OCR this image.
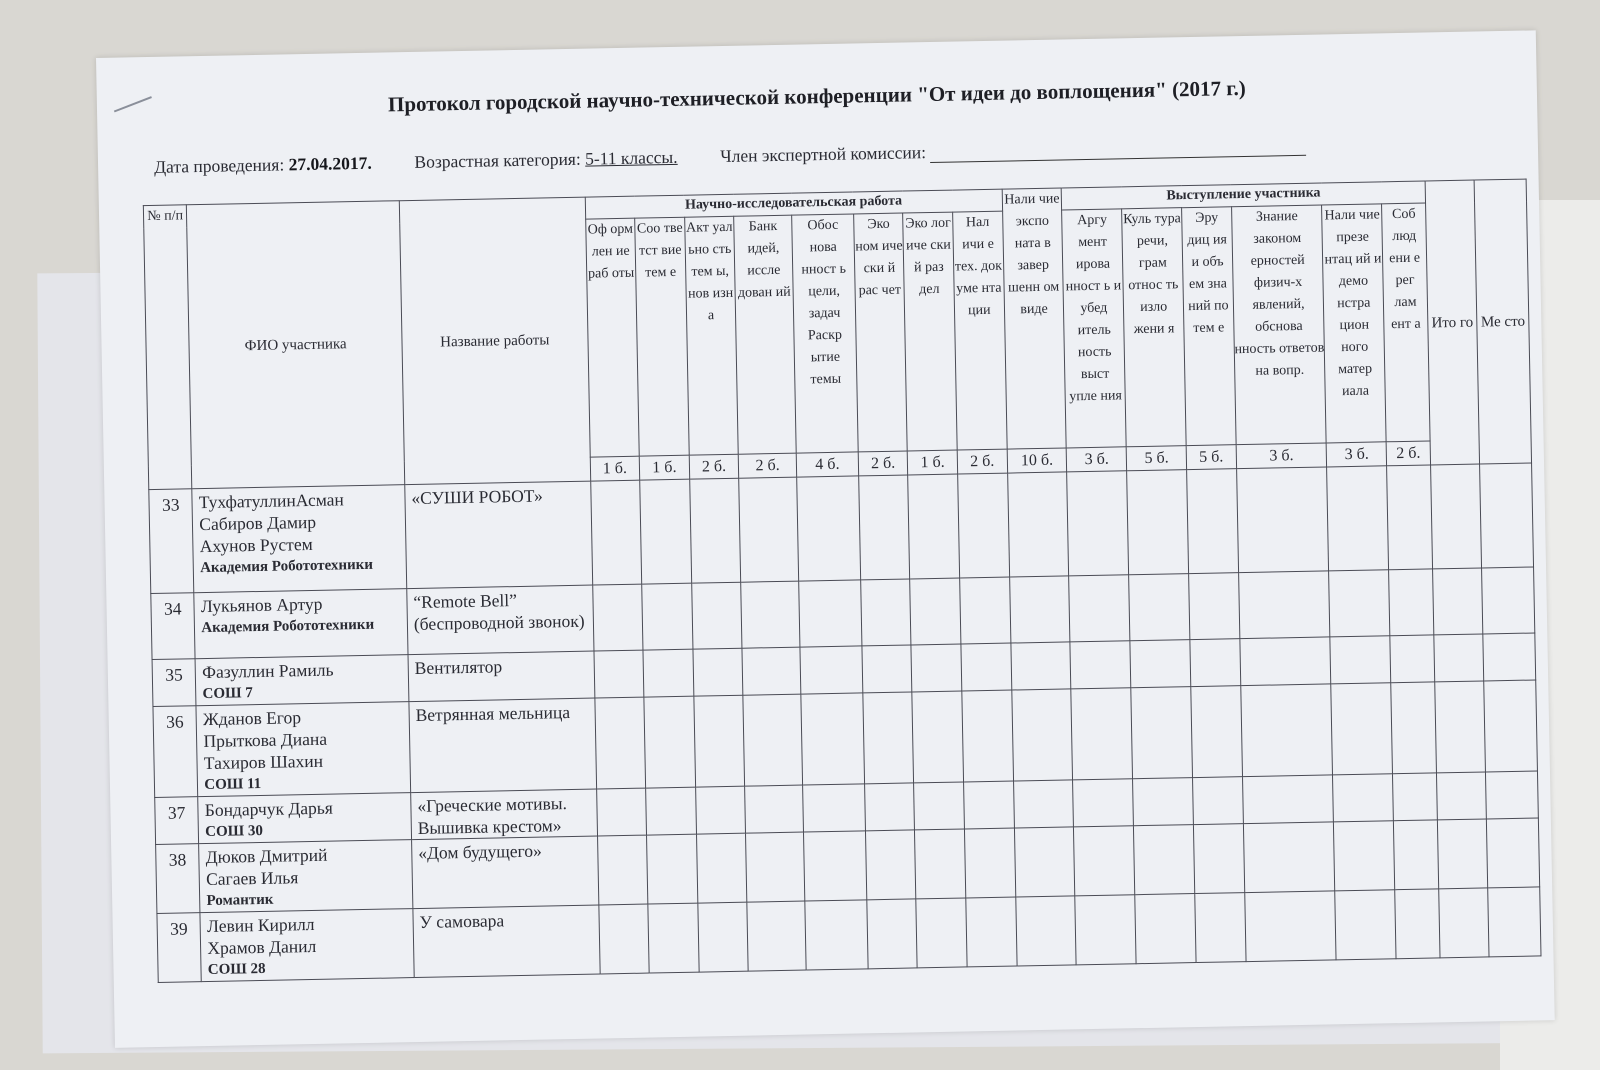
Протокол городской научно-технической конференции "От идеи до воплощения" (2017 г.)
Дата проведения: 27.04.2017. Возрастная категория: 5-11 классы. Член экспертной комиссии:
№ п/п	ФИО участника	Название работы	Научно-исследовательская работа								Нали чие экспо ната в завер шенн ом виде	Выступление участника						Ито го	Ме сто
			Оф орм лен ие раб оты	Соо тве тст вие тем е	Акт уал ьно сть тем ы, нов изн а	Банк идей, иссле дован ий	Обос нова нност ь цели, задач Раскр ытие темы	Эко ном иче ски й рас чет	Эко лог иче ски й раз дел	Нал ичи е тех. док уме нта ции		Аргу мент ирова нност ь и убед итель ность выст упле ния	Куль тура речи, грам относ ть изло жени я	Эру диц ия и объ ем зна ний по тем е	Знание законом ерностей физич-х явлений, обснова нность ответов на вопр.	Нали чие презе нтац ий и демо нстра цион ного матер иала	Соб люд ени е рег лам ент а		
			1 б.	1 б.	2 б.	2 б.	4 б.	2 б.	1 б.	2 б.	10 б.	3 б.	5 б.	5 б.	3 б.	3 б.	2 б.		
33	ТухфатуллинАсман
Сабиров Дамир
Ахунов Рустем
Академия Робототехники	«СУШИ РОБОТ»																	
34	Лукьянов Артур
Академия Робототехники	“Remote Bell” (беспроводной звонок)																	
35	Фазуллин Рамиль
СОШ 7	Вентилятор																	
36	Жданов Егор
Прыткова Диана
Тахиров Шахин
СОШ 11	Ветрянная мельница																	
37	Бондарчук Дарья
СОШ 30	«Греческие мотивы. Вышивка крестом»																	
38	Дюков Дмитрий
Сагаев Илья
Романтик	«Дом будущего»																	
39	Левин Кирилл
Храмов Данил
СОШ 28	У самовара																	
